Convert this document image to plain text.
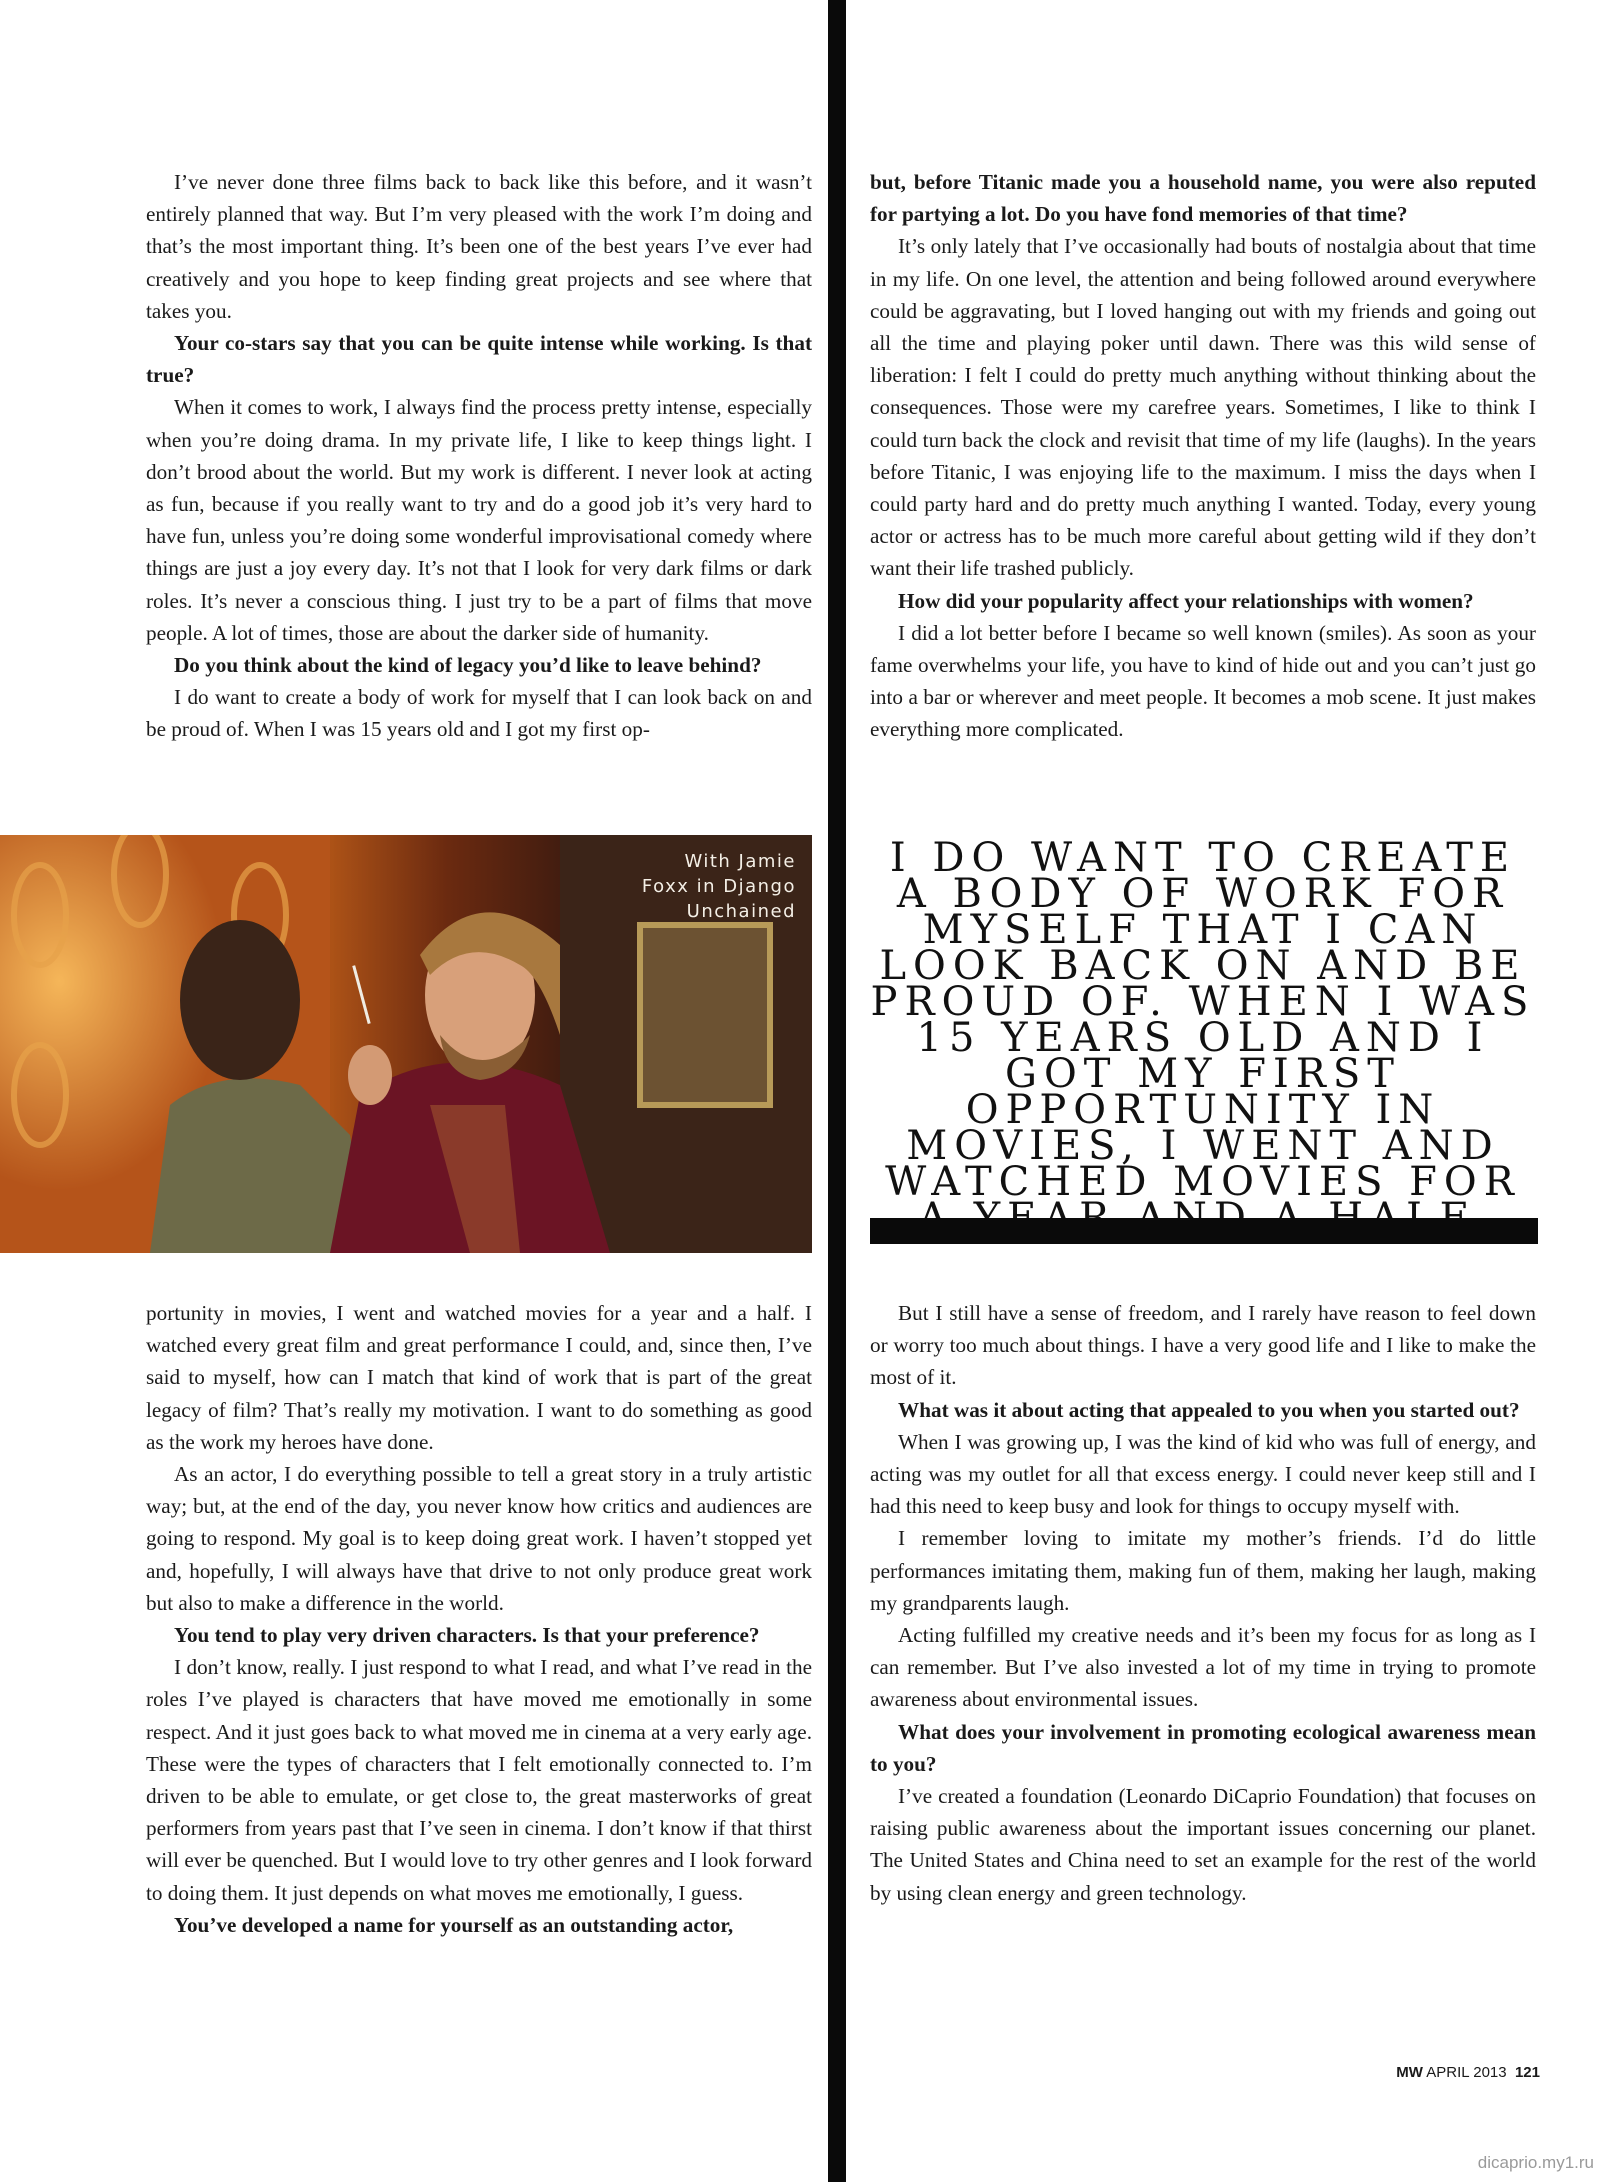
I’ve never done three films back to back like this before, and it wasn’t entirely planned that way. But I’m very pleased with the work I’m doing and that’s the most important thing. It’s been one of the best years I’ve ever had creatively and you hope to keep finding great projects and see where that takes you.

Your co-stars say that you can be quite intense while working. Is that true?

When it comes to work, I always find the process pretty intense, especially when you’re doing drama. In my private life, I like to keep things light. I don’t brood about the world. But my work is different. I never look at acting as fun, because if you really want to try and do a good job it’s very hard to have fun, unless you’re doing some wonderful improvisational comedy where things are just a joy every day. It’s not that I look for very dark films or dark roles. It’s never a conscious thing. I just try to be a part of films that move people. A lot of times, those are about the darker side of humanity.

Do you think about the kind of legacy you’d like to leave behind?

I do want to create a body of work for myself that I can look back on and be proud of. When I was 15 years old and I got my first op-

but, before Titanic made you a household name, you were also reputed for partying a lot. Do you have fond memories of that time?

It’s only lately that I’ve occasionally had bouts of nostalgia about that time in my life. On one level, the attention and being followed around everywhere could be aggravating, but I loved hanging out with my friends and going out all the time and playing poker until dawn. There was this wild sense of liberation: I felt I could do pretty much anything without thinking about the consequences. Those were my carefree years. Sometimes, I like to think I could turn back the clock and revisit that time of my life (laughs). In the years before Titanic, I was enjoying life to the maximum. I miss the days when I could party hard and do pretty much anything I wanted. Today, every young actor or actress has to be much more careful about getting wild if they don’t want their life trashed publicly.

How did your popularity affect your relationships with women?

I did a lot better before I became so well known (smiles). As soon as your fame overwhelms your life, you have to kind of hide out and you can’t just go into a bar or wherever and meet people. It becomes a mob scene. It just makes everything more complicated.

With Jamie
Foxx in Django
Unchained
I DO WANT TO CREATE A BODY OF WORK FOR MYSELF THAT I CAN LOOK BACK ON AND BE PROUD OF. WHEN I WAS 15 YEARS OLD AND I GOT MY FIRST OPPORTUNITY IN MOVIES, I WENT AND WATCHED MOVIES FOR

portunity in movies, I went and watched movies for a year and a half. I watched every great film and great performance I could, and, since then, I’ve said to myself, how can I match that kind of work that is part of the great legacy of film? That’s really my motivation. I want to do something as good as the work my heroes have done.

As an actor, I do everything possible to tell a great story in a truly artistic way; but, at the end of the day, you never know how critics and audiences are going to respond. My goal is to keep doing great work. I haven’t stopped yet and, hopefully, I will always have that drive to not only produce great work but also to make a difference in the world.

You tend to play very driven characters. Is that your preference?

I don’t know, really. I just respond to what I read, and what I’ve read in the roles I’ve played is characters that have moved me emotionally in some respect. And it just goes back to what moved me in cinema at a very early age. These were the types of characters that I felt emotionally connected to. I’m driven to be able to emulate, or get close to, the great masterworks of great performers from years past that I’ve seen in cinema. I don’t know if that thirst will ever be quenched. But I would love to try other genres and I look forward to doing them. It just depends on what moves me emotionally, I guess.

You’ve developed a name for yourself as an outstanding actor,

But I still have a sense of freedom, and I rarely have reason to feel down or worry too much about things. I have a very good life and I like to make the most of it.

What was it about acting that appealed to you when you started out?

When I was growing up, I was the kind of kid who was full of energy, and acting was my outlet for all that excess energy. I could never keep still and I had this need to keep busy and look for things to occupy myself with.

I remember loving to imitate my mother’s friends. I’d do little performances imitating them, making fun of them, making her laugh, making my grandparents laugh.

Acting fulfilled my creative needs and it’s been my focus for as long as I can remember. But I’ve also invested a lot of my time in trying to promote awareness about environmental issues.

What does your involvement in promoting ecological awareness mean to you?

I’ve created a foundation (Leonardo DiCaprio Foundation) that focuses on raising public awareness about the important issues concerning our planet. The United States and China need to set an example for the rest of the world by using clean energy and green technology.

MW APRIL 2013 121
dicaprio.my1.ru
